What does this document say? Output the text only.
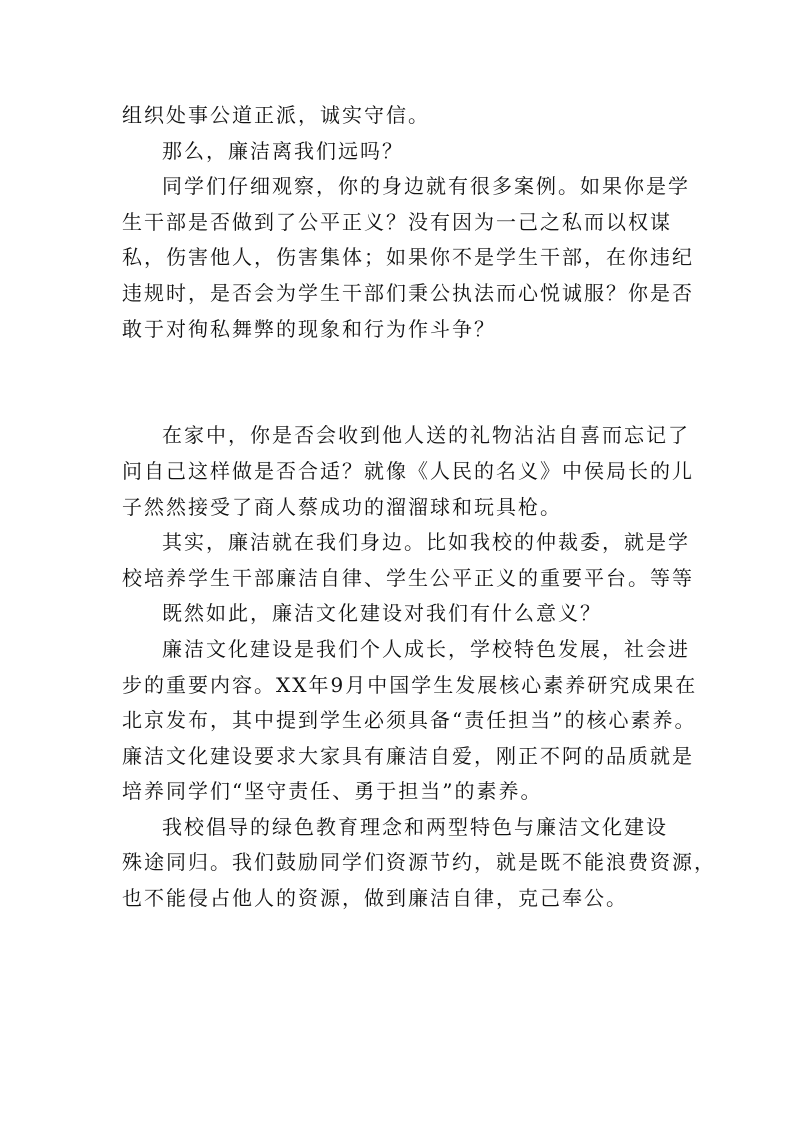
组织处事公道正派，诚实守信。

那么，廉洁离我们远吗？

同学们仔细观察，你的身边就有很多案例。如果你是学

生干部是否做到了公平正义？没有因为一己之私而以权谋

私，伤害他人，伤害集体；如果你不是学生干部，在你违纪

违规时，是否会为学生干部们秉公执法而心悦诚服？你是否

敢于对徇私舞弊的现象和行为作斗争？

在家中，你是否会收到他人送的礼物沾沾自喜而忘记了

问自己这样做是否合适？就像《人民的名义》中侯局长的儿

子然然接受了商人蔡成功的溜溜球和玩具枪。

其实，廉洁就在我们身边。比如我校的仲裁委，就是学

校培养学生干部廉洁自律、学生公平正义的重要平台。等等

既然如此，廉洁文化建设对我们有什么意义？

廉洁文化建设是我们个人成长，学校特色发展，社会进

步的重要内容。XX年9月中国学生发展核心素养研究成果在

北京发布，其中提到学生必须具备“责任担当”的核心素养。

廉洁文化建设要求大家具有廉洁自爱，刚正不阿的品质就是

培养同学们“坚守责任、勇于担当”的素养。

我校倡导的绿色教育理念和两型特色与廉洁文化建设

殊途同归。我们鼓励同学们资源节约，就是既不能浪费资源，

也不能侵占他人的资源，做到廉洁自律，克己奉公。
